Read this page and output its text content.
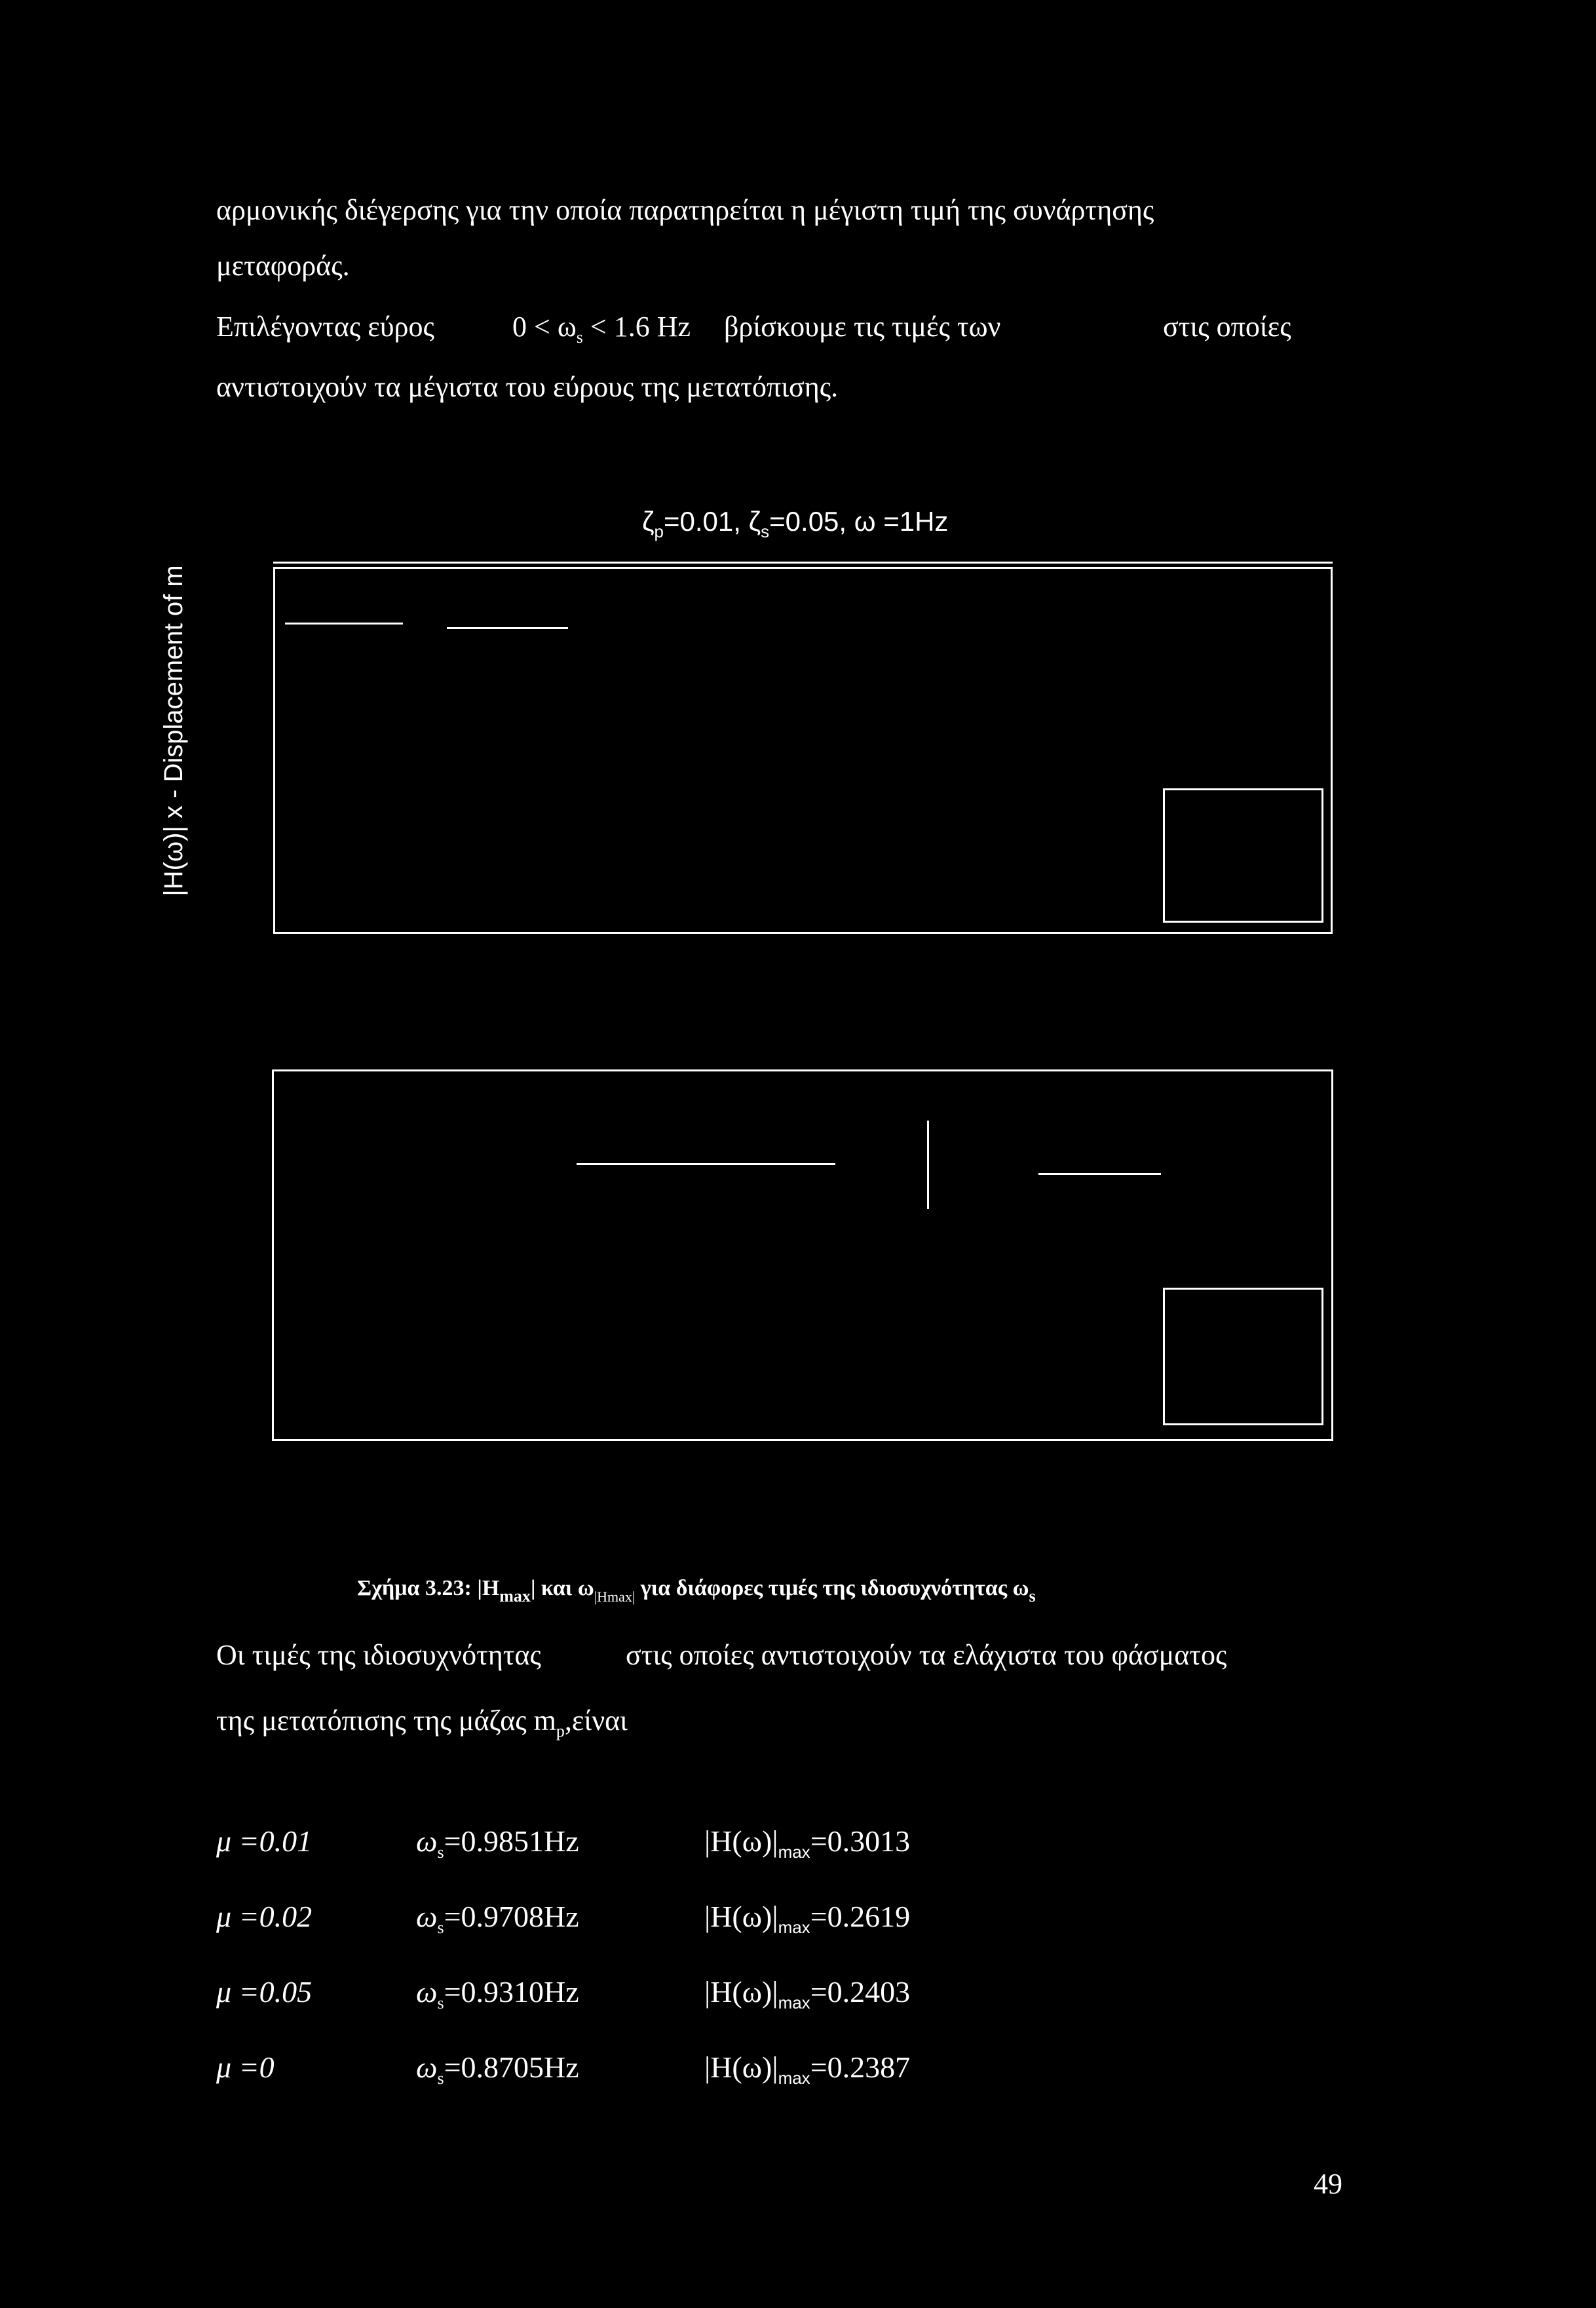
αρμονικής διέγερσης για την οποία παρατηρείται η μέγιστη τιμή της συνάρτησης
μεταφοράς.
Επιλέγοντας εύρος	$0 < \omega_s < 1.6$ Hz βρίσκουμε τις τιμές των	στις οποίες
αντιστοιχούν τα μέγιστα του εύρους της μετατόπισης.
$\zeta_p=0.01$, $\zeta_s=0.05$, ω =1Hz
|H(ω)| x - Displacement of m
Σχήμα 3.23: $|H_{max}|$ και $\omega_{|Hmax|}$ για διάφορες τιμές της ιδιοσυχνότητας $\omega_s$
Οι τιμές της ιδιοσυχνότητας	στις οποίες αντιστοιχούν τα ελάχιστα του φάσματος
της μετατόπισης της μάζας $m_p,\varepsilon ί\nu\alpha\iota$
μ =0.01	$\omega_s=0.9851Hz$	$|H(\omega)|_{max}=0.3013$
μ =0.02	$\omega_s=0.9708Hz$	$|H(\omega)|_{max}=0.2619$
μ =0.05	$\omega_s=0.9310Hz$	$|H(\omega)|_{max}=0.2403$
μ =0	$\omega_s=0.8705Hz$	$|H(\omega)|_{max}=0.2387$
49
